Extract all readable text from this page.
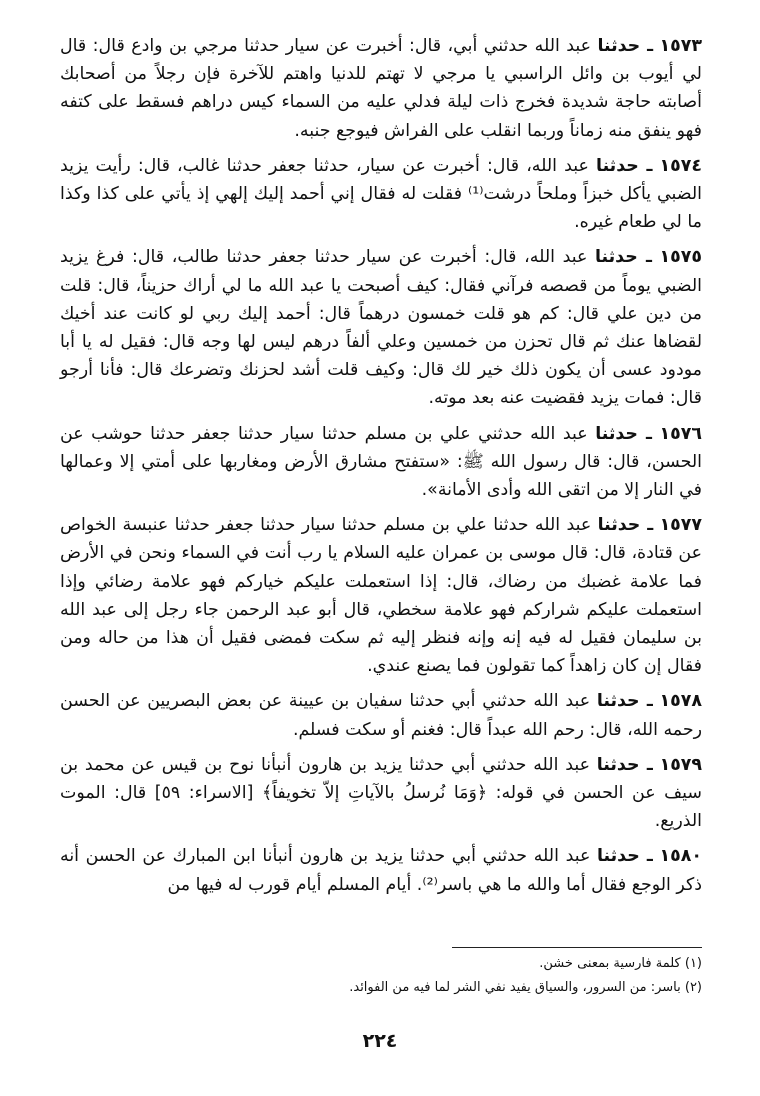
١٥٧٣ ـ حدثنا عبد الله حدثني أبي، قال: أخبرت عن سيار حدثنا مرجي بن وادع قال: قال لي أيوب بن وائل الراسبي يا مرجي لا تهتم للدنيا واهتم للآخرة فإن رجلاً من أصحابك أصابته حاجة شديدة فخرج ذات ليلة فدلي عليه من السماء كيس دراهم فسقط على كتفه فهو ينفق منه زماناً وربما انقلب على الفراش فيوجع جنبه.
١٥٧٤ ـ حدثنا عبد الله، قال: أخبرت عن سيار، حدثنا جعفر حدثنا غالب، قال: رأيت يزيد الضبي يأكل خبزاً وملحاً درشت⁽¹⁾ فقلت له فقال إني أحمد إليك إلهي إذ يأتي على كذا وكذا ما لي طعام غيره.
١٥٧٥ ـ حدثنا عبد الله، قال: أخبرت عن سيار حدثنا جعفر حدثنا طالب، قال: فرغ يزيد الضبي يوماً من قصصه فرآني فقال: كيف أصبحت يا عبد الله ما لي أراك حزيناً، قال: قلت من دين علي قال: كم هو قلت خمسون درهماً قال: أحمد إليك ربي لو كانت عند أخيك لقضاها عنك ثم قال تحزن من خمسين وعلي ألفاً درهم ليس لها وجه قال: فقيل له يا أبا مودود عسى أن يكون ذلك خير لك قال: وكيف قلت أشد لحزنك وتضرعك قال: فأنا أرجو قال: فمات يزيد فقضيت عنه بعد موته.
١٥٧٦ ـ حدثنا عبد الله حدثني علي بن مسلم حدثنا سيار حدثنا جعفر حدثنا حوشب عن الحسن، قال: قال رسول الله ﷺ: «ستفتح مشارق الأرض ومغاربها على أمتي إلا وعمالها في النار إلا من اتقى الله وأدى الأمانة».
١٥٧٧ ـ حدثنا عبد الله حدثنا علي بن مسلم حدثنا سيار حدثنا جعفر حدثنا عنبسة الخواص عن قتادة، قال: قال موسى بن عمران عليه السلام يا رب أنت في السماء ونحن في الأرض فما علامة غضبك من رضاك، قال: إذا استعملت عليكم خياركم فهو علامة رضائي وإذا استعملت عليكم شراركم فهو علامة سخطي، قال أبو عبد الرحمن جاء رجل إلى عبد الله بن سليمان فقيل له فيه إنه وإنه فنظر إليه ثم سكت فمضى فقيل أن هذا من حاله ومن فقال إن كان زاهداً كما تقولون فما يصنع عندي.
١٥٧٨ ـ حدثنا عبد الله حدثني أبي حدثنا سفيان بن عيينة عن بعض البصريين عن الحسن رحمه الله، قال: رحم الله عبداً قال: فغنم أو سكت فسلم.
١٥٧٩ ـ حدثنا عبد الله حدثني أبي حدثنا يزيد بن هارون أنبأنا نوح بن قيس عن محمد بن سيف عن الحسن في قوله: ﴿وَمَا نُرسلُ بالآياتِ إلاّ تخويفاً﴾ [الاسراء: ٥٩] قال: الموت الذريع.
١٥٨٠ ـ حدثنا عبد الله حدثني أبي حدثنا يزيد بن هارون أنبأنا ابن المبارك عن الحسن أنه ذكر الوجع فقال أما والله ما هي باسر⁽²⁾. أيام المسلم أيام قورب له فيها من
(١) كلمة فارسية بمعنى خشن.
(٢) باسر: من السرور، والسياق يفيد نفي الشر لما فيه من الفوائد.
٢٢٤
